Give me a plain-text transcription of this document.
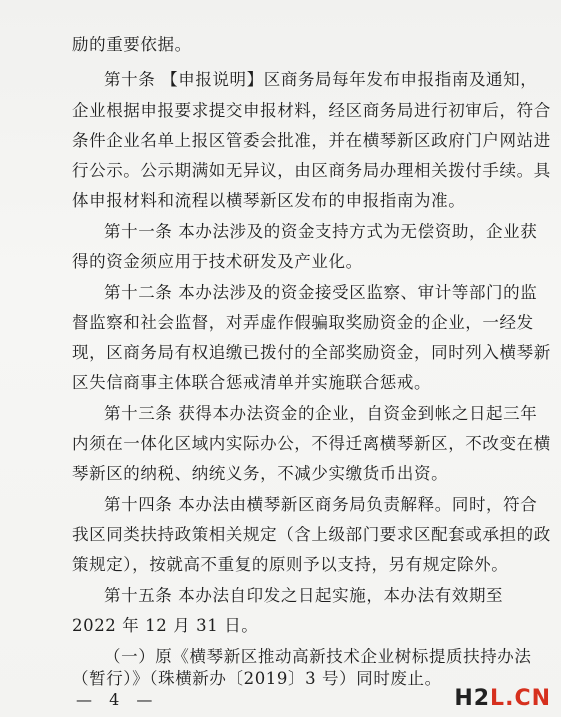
励的重要依据。
第十条 【申报说明】区商务局每年发布申报指南及通知，
企业根据申报要求提交申报材料，经区商务局进行初审后，符合
条件企业名单上报区管委会批准，并在横琴新区政府门户网站进
行公示。公示期满如无异议，由区商务局办理相关拨付手续。具
体申报材料和流程以横琴新区发布的申报指南为准。
第十一条 本办法涉及的资金支持方式为无偿资助，企业获
得的资金须应用于技术研发及产业化。
第十二条 本办法涉及的资金接受区监察、审计等部门的监
督监察和社会监督，对弄虚作假骗取奖励资金的企业，一经发
现，区商务局有权追缴已拨付的全部奖励资金，同时列入横琴新
区失信商事主体联合惩戒清单并实施联合惩戒。
第十三条 获得本办法资金的企业，自资金到帐之日起三年
内须在一体化区域内实际办公，不得迁离横琴新区，不改变在横
琴新区的纳税、纳统义务，不减少实缴货币出资。
第十四条 本办法由横琴新区商务局负责解释。同时，符合
我区同类扶持政策相关规定（含上级部门要求区配套或承担的政
策规定），按就高不重复的原则予以支持，另有规定除外。
第十五条 本办法自印发之日起实施，本办法有效期至
2022 年 12 月 31 日。
（一）原《横琴新区推动高新技术企业树标提质扶持办法
（暂行）》（珠横新办〔2019〕3 号）同时废止。
— 4 —	H2L.CN
